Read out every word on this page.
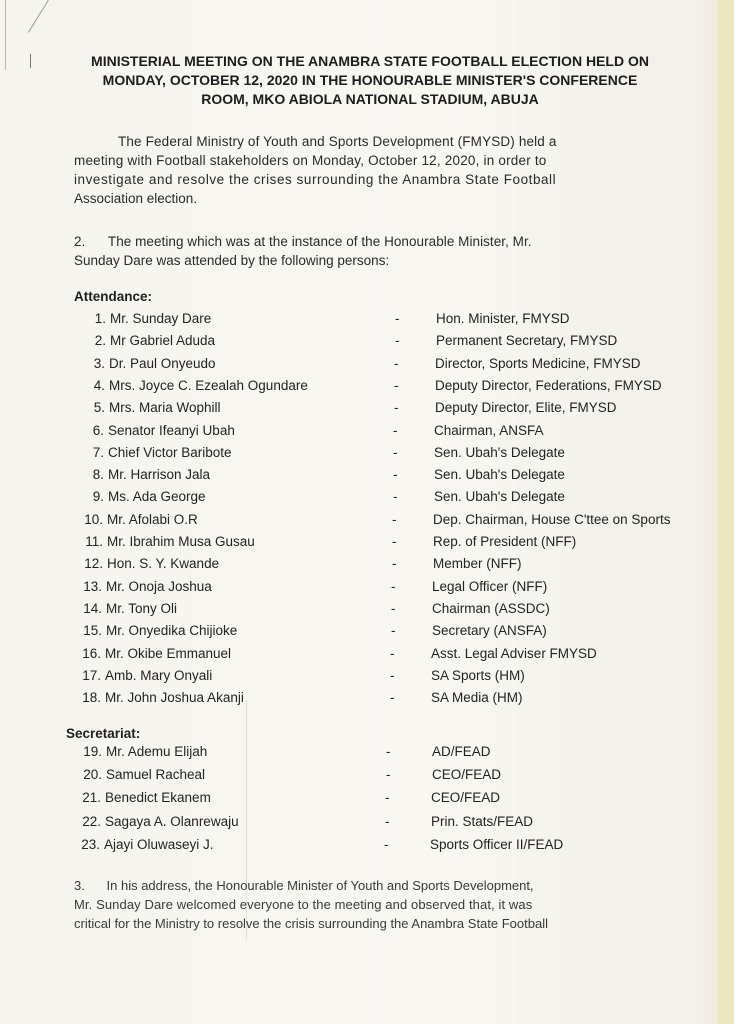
MINISTERIAL MEETING ON THE ANAMBRA STATE FOOTBALL ELECTION HELD ON
MONDAY, OCTOBER 12, 2020 IN THE HONOURABLE MINISTER'S CONFERENCE
ROOM, MKO ABIOLA NATIONAL STADIUM, ABUJA
The Federal Ministry of Youth and Sports Development (FMYSD) held a
meeting with Football stakeholders on Monday, October 12, 2020, in order to
investigate and resolve the crises surrounding the Anambra State Football
Association election.
2.      The meeting which was at the instance of the Honourable Minister, Mr.
Sunday Dare was attended by the following persons:
Attendance:
1. Mr. Sunday Dare	-	Hon. Minister, FMYSD
2. Mr Gabriel Aduda	-	Permanent Secretary, FMYSD
3. Dr. Paul Onyeudo	-	Director, Sports Medicine, FMYSD
4. Mrs. Joyce C. Ezealah Ogundare	-	Deputy Director, Federations, FMYSD
5. Mrs. Maria Wophill	-	Deputy Director, Elite, FMYSD
6. Senator Ifeanyi Ubah	-	Chairman, ANSFA
7. Chief Victor Baribote	-	Sen. Ubah's Delegate
8. Mr. Harrison Jala	-	Sen. Ubah's Delegate
9. Ms. Ada George	-	Sen. Ubah's Delegate
10. Mr. Afolabi O.R	-	Dep. Chairman, House C'ttee on Sports
11. Mr. Ibrahim Musa Gusau	-	Rep. of President (NFF)
12. Hon. S. Y. Kwande	-	Member (NFF)
13. Mr. Onoja Joshua	-	Legal Officer (NFF)
14. Mr. Tony Oli	-	Chairman (ASSDC)
15. Mr. Onyedika Chijioke	-	Secretary (ANSFA)
16. Mr. Okibe Emmanuel	-	Asst. Legal Adviser FMYSD
17. Amb. Mary Onyali	-	SA Sports (HM)
18. Mr. John Joshua Akanji	-	SA Media (HM)
Secretariat:
19. Mr. Ademu Elijah	-	AD/FEAD
20. Samuel Racheal	-	CEO/FEAD
21. Benedict Ekanem	-	CEO/FEAD
22. Sagaya A. Olanrewaju	-	Prin. Stats/FEAD
23. Ajayi Oluwaseyi J.	-	Sports Officer II/FEAD
3.      In his address, the Honourable Minister of Youth and Sports Development,
Mr. Sunday Dare welcomed everyone to the meeting and observed that, it was
critical for the Ministry to resolve the crisis surrounding the Anambra State Football
